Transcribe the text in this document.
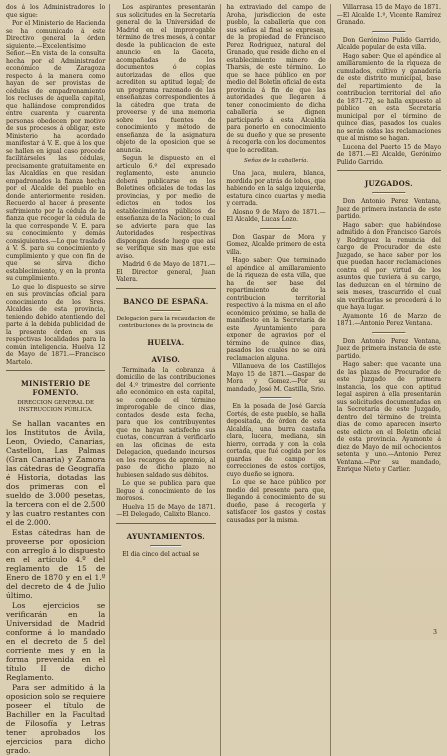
dos á los Administradores lo que sigue:

Por el Ministerio de Hacienda se ha comunicado á este Directivo general la órden siguiente.—Excelentísimo Señor.—En vista de la consulta hecha por el Administrador económico de Zaragoza respecto á la manera como hayan de ser provistas de cédulas de empadronamiento los recluses de aquella capital, que hallándose comprendidos entre cuarenta y cuarenta personas obedecen por motivo de sus procesos á obligar, este Ministerio ha acordado manifestar á V. E. que á los que se hallen en igual caso procede facilitárseles las cédulas, precisamente gratuitamente en las Alcaldías en que residan empadronados la fianza hecha por el Alcalde del pueblo en donde anteriormente residen. Recuerdo al hacer á presente sufrimiento por la cédula de la fianza que recoger la cédula de la que corresponde V. E. para su conocimiento y demás consiguientes.—Lo que traslado á V. S. para su conocimiento y cumplimiento y que con fin de que se sirva dicho establecimiento, y en la pronta su cumplimiento.

Lo que lo dispuesto se sirve en sus provincias oficial para conocimiento de los Sres. Alcaldes de esta provincia, teniendo debido atentiendo del parte á la debida publicidad de la presente órden en sus respectivas localidades para la común inteligencia. Huelva 12 de Mayo de 1871.—Francisco Martelo.

MINISTERIO DE FOMENTO.
DIRECCION GENERAL DE INSTRUCCION PÚBLICA.

Se hallan vacantes en los Institutos de Ávila, Leon, Oviedo, Canarias, Castellon, Las Palmas (Gran Canaria) y Zamora las cátedras de Geografía é Historia, dotadas las dos primeras con el sueldo de 3.000 pesetas, la tercera con el de 2.500 y las cuatro restantes con el de 2.000.

Estas cátedras han de proveerse por oposicion con arreglo á lo dispuesto en el artículo 4.º del reglamento de 15 de Enero de 1870 y en el 1.º del decreto de 4 de Julio último.

Los ejercicios se verificarán en la Universidad de Madrid conforme á lo mandado en el decreto de 5 del corriente mes y en la forma prevenida en el título II de dicho Reglamento.

Para ser admitido á la oposicion solo se requiere poseer el título de Bachiller en la Facultad de Filosofía y Letras tener aprobados los ejercicios para dicho grado.

Los aspirantes presentarán sus solicitudes en la Secretaría general de la Universidad de Madrid en el improrogable término de tres meses, á contar desde la publicacion de este anuncio en la Gaceta, acompañadas de los documentos ó copias autorizadas de ellos que acrediten su aptitud legal; de un programa razonado de las enseñanzas correspondientes á la cátedra que trata de proveerse y de una memoria sobre los fuentes de conocimiento y método de enseñanza de la asignatura objeto de la oposicion que se anuncia.

Segun le dispuesto en el artículo 6.º del expresado reglamento, este anuncio deberá publicarse en los Boletines oficiales de todas las provincias, y por medio de edictos en todos los establecimientos públicos de enseñanza de la Nacion; lo cual se advierte para que las Autoridades respectivas dispongan desde luego que así se verifique sin mas que este aviso.

Madrid 6 de Mayo de 1871.—El Director general, Juan Valera.

BANCO DE ESPAÑA.
Delegacion para la recaudacion de contribuciones de la provincia de
HUELVA.
AVISO.

Terminada la cobranza á domicilio de las contribuciones del 4.º trimestre del corriente año económico en esta capital, se concede el término improrogable de cinco dias, contados desde esta fecha, para que los contribuyentes que no hayan satisfecho sus cuotas, concurran á verificarlo en las oficinas de esta Delegacion, quedando incursos en los recargos de apremio, al paso de dicho plazo no hubiesen saldado sus débitos.

Lo que se publica para que llegue á conocimiento de los morosos.

Huelva 15 de Mayo de 1871.—El Delegado, Calixto Blanco.

AYUNTAMIENTOS.

El dia cinco del actual se

ha extraviado del campo de Aroha, jurisdiccion de este pueblo, la caballería que con sus señas al final se expresan, de la propiedad de Francisco Perez Rodriguez, natural del Granado, que reside dicho en el establecimiento minero de Tharsis, de este término. Lo que se hace público en por medio del Boletin oficial de esta provincia á fin de que las autoridades que llegaren á tener conocimiento de dicha caballería se dignen participarlo á esta Alcaldía para ponerlo en conocimiento de su dueño y que se presente á recogerla con los documentos que lo acreditan.

Señas de la caballería.

Una jaca, mulera, blanca, mordida por atrás de lobos, que habiendo en la salga izquierda, estatura cinco cuartas y media y cerrada.

Alosno 9 de Mayo de 1871.—El Alcalde, Lucas Lozo.

Don Gaspar de Mora y Gomez, Alcalde primero de esta villa.

Hago saber: Que terminado el apéndice al amillaramiento de la riqueza de esta villa, que ha de ser base del repartimiento de la contribucion territorial respectivo á la misma en el año económico próximo, se halla de manifiesto en la Secretaría de este Ayuntamiento para exponer de agravios por el término de quince dias, pasados los cuales no se oirá reclamacion alguna.

Villanueva de los Castillejos Mayo 15 de 1871.—Gaspar de Mora y Gomez.—Por su mandado, José M. Castilla, Srio.

En la posada de José García Cortés, de este pueblo, se halla depositada, de órden de esta Alcaldía, una burra castaña clara, lucera, mediana, sin hierro, cerrada y con la cola cortada, que fué cogida por los guardas de campo en correcciones de estos cortijos, cuyo dueño se ignora.

Lo que se hace público por medio del presente para que, llegando á conocimiento de su dueño, pase á recogerla y satisfacer los gastos y costas causadas por la misma.

Villarrasa 15 de Mayo de 1871.—El Alcalde 1.º, Vicente Ramírez Granado.

Don Gerónimo Pulido Garrido, Alcalde popular de esta villa.

Hago saber: Que el apéndice al amillaramiento de la riqueza de cumulados, cultivo y ganadería de este distrito municipal, base del repartimiento de la contribucion territorial del año de 1871-72, se halla expuesto al público en esta Secretaría municipal por el término de quince dias, pasados los cuales no serán oidas las reclamaciones que al mismo se hagan.

Lucena del Puerto 15 de Mayo de 1871.—El Alcalde, Gerónimo Pulido Garrido.

JUZGADOS.

Don Antonio Perez Ventana, Juez de primera instancia de este partido.

Hago saber: que habiéndose admitido á don Francisco Garcés y Rodriguez la renuncia del cargo de Procurador de este Juzgado, se hace saber por los que puedan hacer reclamaciones contra el por virtud de los asuntos que tuviera á su cargo, las deduzcan en el término de seis meses, trascurrido el cual sin verificarlas se procederá á lo que haya lugar.

Ayamonte 16 de Marzo de 1871.—Antonio Perez Ventana.

Don Antonio Perez Ventana, Juez de primera instancia de este partido.

Hago saber: que vacante una de las plazas de Procurador de este Juzgado de primera instancia, los que con aptitud legal aspiren á ella presentarán sus solicitudes documentadas en la Secretaría de este Juzgado, dentro del término de treinta dias de como aparecen inserto este edicto en el Boletin oficial de esta provincia. Ayamonte á diez de Mayo de mil ochocientos setenta y uno.—Antonio Perez Ventana.—Por su mandado, Enrique Nieto y Carlier.

3
